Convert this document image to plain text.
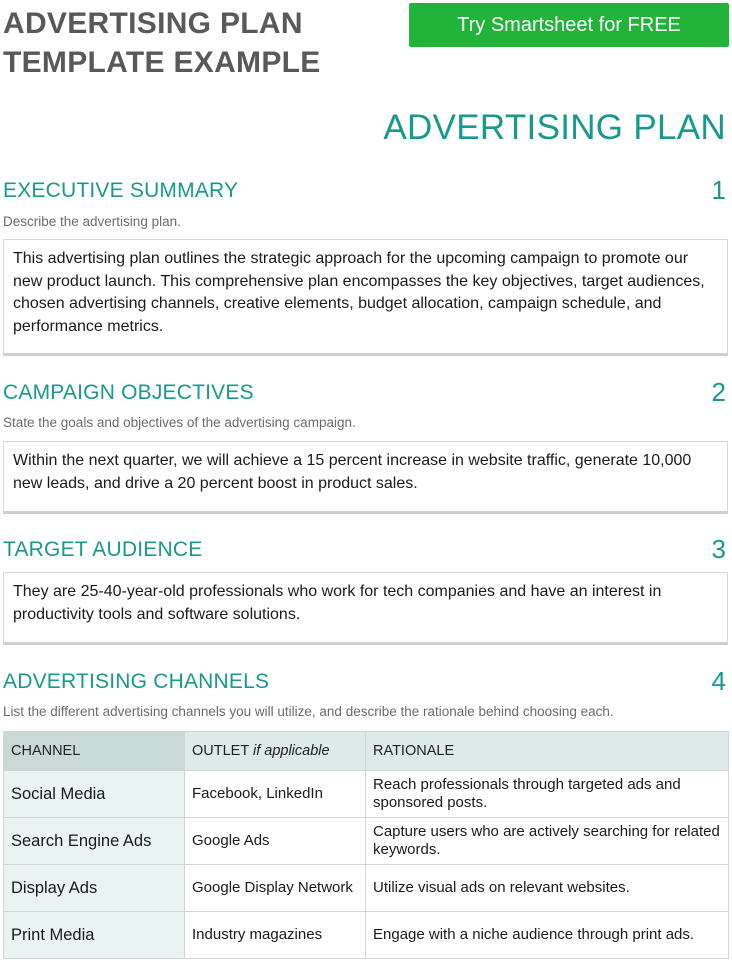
ADVERTISING PLAN
TEMPLATE EXAMPLE
Try Smartsheet for FREE
ADVERTISING PLAN
EXECUTIVE SUMMARY	1
Describe the advertising plan.
This advertising plan outlines the strategic approach for the upcoming campaign to promote our new product launch. This comprehensive plan encompasses the key objectives, target audiences, chosen advertising channels, creative elements, budget allocation, campaign schedule, and performance metrics.
CAMPAIGN OBJECTIVES	2
State the goals and objectives of the advertising campaign.
Within the next quarter, we will achieve a 15 percent increase in website traffic, generate 10,000 new leads, and drive a 20 percent boost in product sales.
TARGET AUDIENCE	3
They are 25-40-year-old professionals who work for tech companies and have an interest in productivity tools and software solutions.
ADVERTISING CHANNELS	4
List the different advertising channels you will utilize, and describe the rationale behind choosing each.
CHANNEL	OUTLET if applicable	RATIONALE
Social Media	Facebook, LinkedIn	Reach professionals through targeted ads and sponsored posts.
Search Engine Ads	Google Ads	Capture users who are actively searching for related keywords.
Display Ads	Google Display Network	Utilize visual ads on relevant websites.
Print Media	Industry magazines	Engage with a niche audience through print ads.
